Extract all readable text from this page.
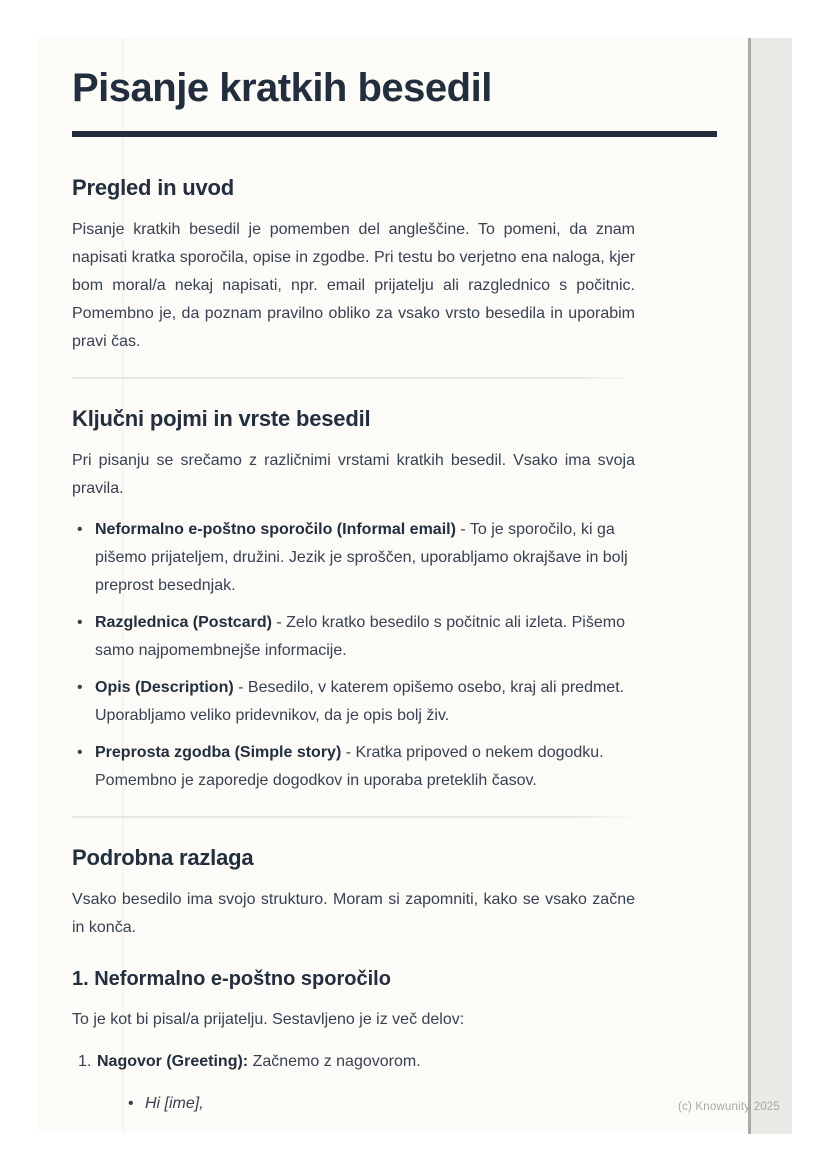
Pisanje kratkih besedil
Pregled in uvod

Pisanje kratkih besedil je pomemben del angleščine. To pomeni, da znam napisati kratka sporočila, opise in zgodbe. Pri testu bo verjetno ena naloga, kjer bom moral/a nekaj napisati, npr. email prijatelju ali razglednico s počitnic. Pomembno je, da poznam pravilno obliko za vsako vrsto besedila in uporabim pravi čas.

Ključni pojmi in vrste besedil

Pri pisanju se srečamo z različnimi vrstami kratkih besedil. Vsako ima svoja pravila.

• Neformalno e-poštno sporočilo (Informal email) - To je sporočilo, ki ga pišemo prijateljem, družini. Jezik je sproščen, uporabljamo okrajšave in bolj preprost besednjak.
• Razglednica (Postcard) - Zelo kratko besedilo s počitnic ali izleta. Pišemo samo najpomembnejše informacije.
• Opis (Description) - Besedilo, v katerem opišemo osebo, kraj ali predmet. Uporabljamo veliko pridevnikov, da je opis bolj živ.
• Preprosta zgodba (Simple story) - Kratka pripoved o nekem dogodku. Pomembno je zaporedje dogodkov in uporaba preteklih časov.
Podrobna razlaga

Vsako besedilo ima svojo strukturo. Moram si zapomniti, kako se vsako začne in konča.

1. Neformalno e-poštno sporočilo

To je kot bi pisal/a prijatelju. Sestavljeno je iz več delov:

1. Nagovor (Greeting): Začnemo z nagovorom.
• Hi [ime],	(c) Knowunity 2025
